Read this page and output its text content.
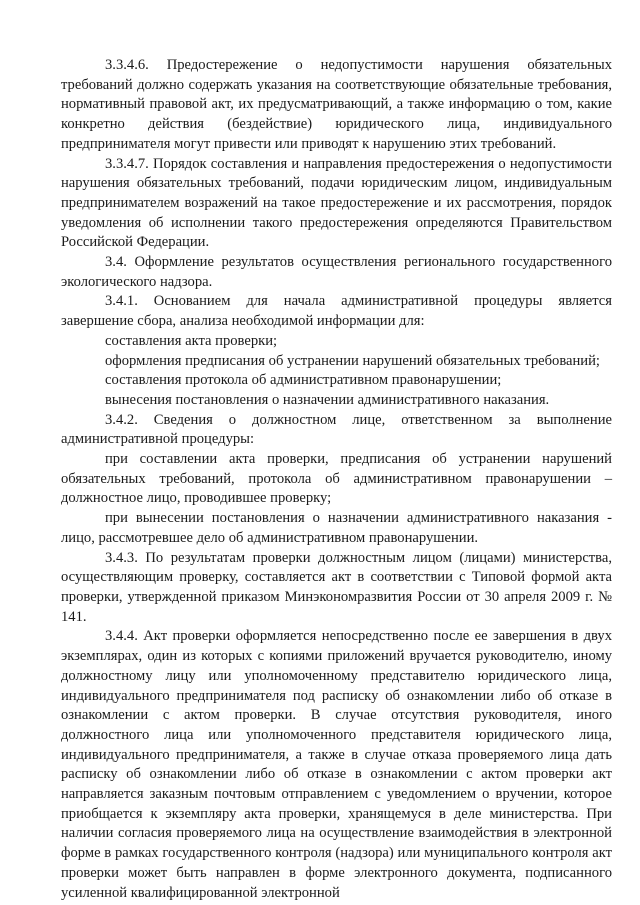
3.3.4.6. Предостережение о недопустимости нарушения обязательных требований должно содержать указания на соответствующие обязательные требования, нормативный правовой акт, их предусматривающий, а также информацию о том, какие конкретно действия (бездействие) юридического лица, индивидуального предпринимателя могут привести или приводят к нарушению этих требований.

3.3.4.7. Порядок составления и направления предостережения о недопустимости нарушения обязательных требований, подачи юридическим лицом, индивидуальным предпринимателем возражений на такое предостережение и их рассмотрения, порядок уведомления об исполнении такого предостережения определяются Правительством Российской Федерации.

3.4. Оформление результатов осуществления регионального государственного экологического надзора.

3.4.1. Основанием для начала административной процедуры является завершение сбора, анализа необходимой информации для:

составления акта проверки;

оформления предписания об устранении нарушений обязательных требований;

составления протокола об административном правонарушении;

вынесения постановления о назначении административного наказания.

3.4.2. Сведения о должностном лице, ответственном за выполнение административной процедуры:

при составлении акта проверки, предписания об устранении нарушений обязательных требований, протокола об административном правонарушении – должностное лицо, проводившее проверку;

при вынесении постановления о назначении административного наказания - лицо, рассмотревшее дело об административном правонарушении.

3.4.3. По результатам проверки должностным лицом (лицами) министерства, осуществляющим проверку, составляется акт в соответствии с Типовой формой акта проверки, утвержденной приказом Минэкономразвития России от 30 апреля 2009 г. № 141.

3.4.4. Акт проверки оформляется непосредственно после ее завершения в двух экземплярах, один из которых с копиями приложений вручается руководителю, иному должностному лицу или уполномоченному представителю юридического лица, индивидуального предпринимателя под расписку об ознакомлении либо об отказе в ознакомлении с актом проверки. В случае отсутствия руководителя, иного должностного лица или уполномоченного представителя юридического лица, индивидуального предпринимателя, а также в случае отказа проверяемого лица дать расписку об ознакомлении либо об отказе в ознакомлении с актом проверки акт направляется заказным почтовым отправлением с уведомлением о вручении, которое приобщается к экземпляру акта проверки, хранящемуся в деле министерства. При наличии согласия проверяемого лица на осуществление взаимодействия в электронной форме в рамках государственного контроля (надзора) или муниципального контроля акт проверки может быть направлен в форме электронного документа, подписанного усиленной квалифицированной электронной
